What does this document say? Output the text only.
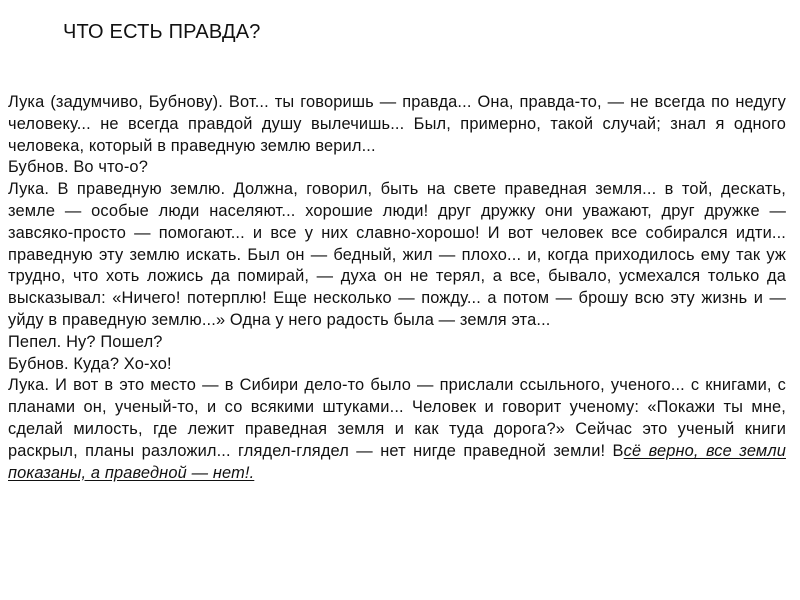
ЧТО ЕСТЬ ПРАВДА?

Лука (задумчиво, Бубнову). Вот... ты говоришь — правда... Она, правда-то, — не всегда по недугу человеку... не всегда правдой душу вылечишь... Был, примерно, такой случай; знал я одного человека, который в праведную землю верил...

Бубнов. Во что-о?

Лука. В праведную землю. Должна, говорил, быть на свете праведная земля... в той, дескать, земле — особые люди населяют... хорошие люди! друг дружку они уважают, друг дружке — завсяко-просто — помогают... и все у них славно-хорошо! И вот человек все собирался идти... праведную эту землю искать. Был он — бедный, жил — плохо... и, когда приходилось ему так уж трудно, что хоть ложись да помирай, — духа он не терял, а все, бывало, усмехался только да высказывал: «Ничего! потерплю! Еще несколько — пожду... а потом — брошу всю эту жизнь и — уйду в праведную землю...» Одна у него радость была — земля эта...

Пепел. Ну? Пошел?

Бубнов. Куда? Хо-хо!

Лука. И вот в это место — в Сибири дело-то было — прислали ссыльного, ученого... с книгами, с планами он, ученый-то, и со всякими штуками... Человек и говорит ученому: «Покажи ты мне, сделай милость, где лежит праведная земля и как туда дорога?» Сейчас это ученый книги раскрыл, планы разложил... глядел-глядел — нет нигде праведной земли! Всё верно, все земли показаны, а праведной — нет!.
